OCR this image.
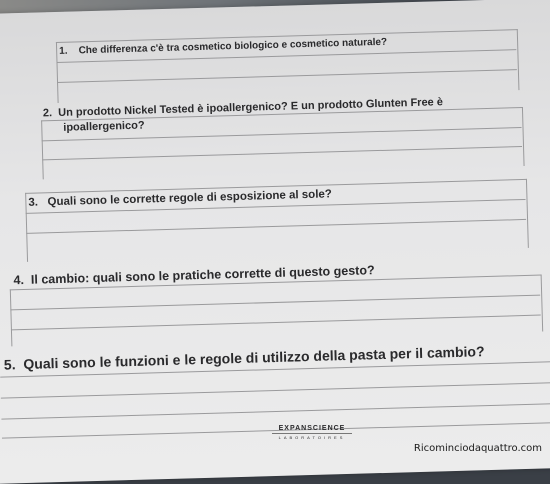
1. Che differenza c'è tra cosmetico biologico e cosmetico naturale?
2. Un prodotto Nickel Tested è ipoallergenico? E un prodotto Glunten Free è
ipoallergenico?
3. Quali sono le corrette regole di esposizione al sole?
4. Il cambio: quali sono le pratiche corrette di questo gesto?
5. Quali sono le funzioni e le regole di utilizzo della pasta per il cambio?
EXPANSCIENCE
LABORATOIRES
Ricominciodaquattro.com
